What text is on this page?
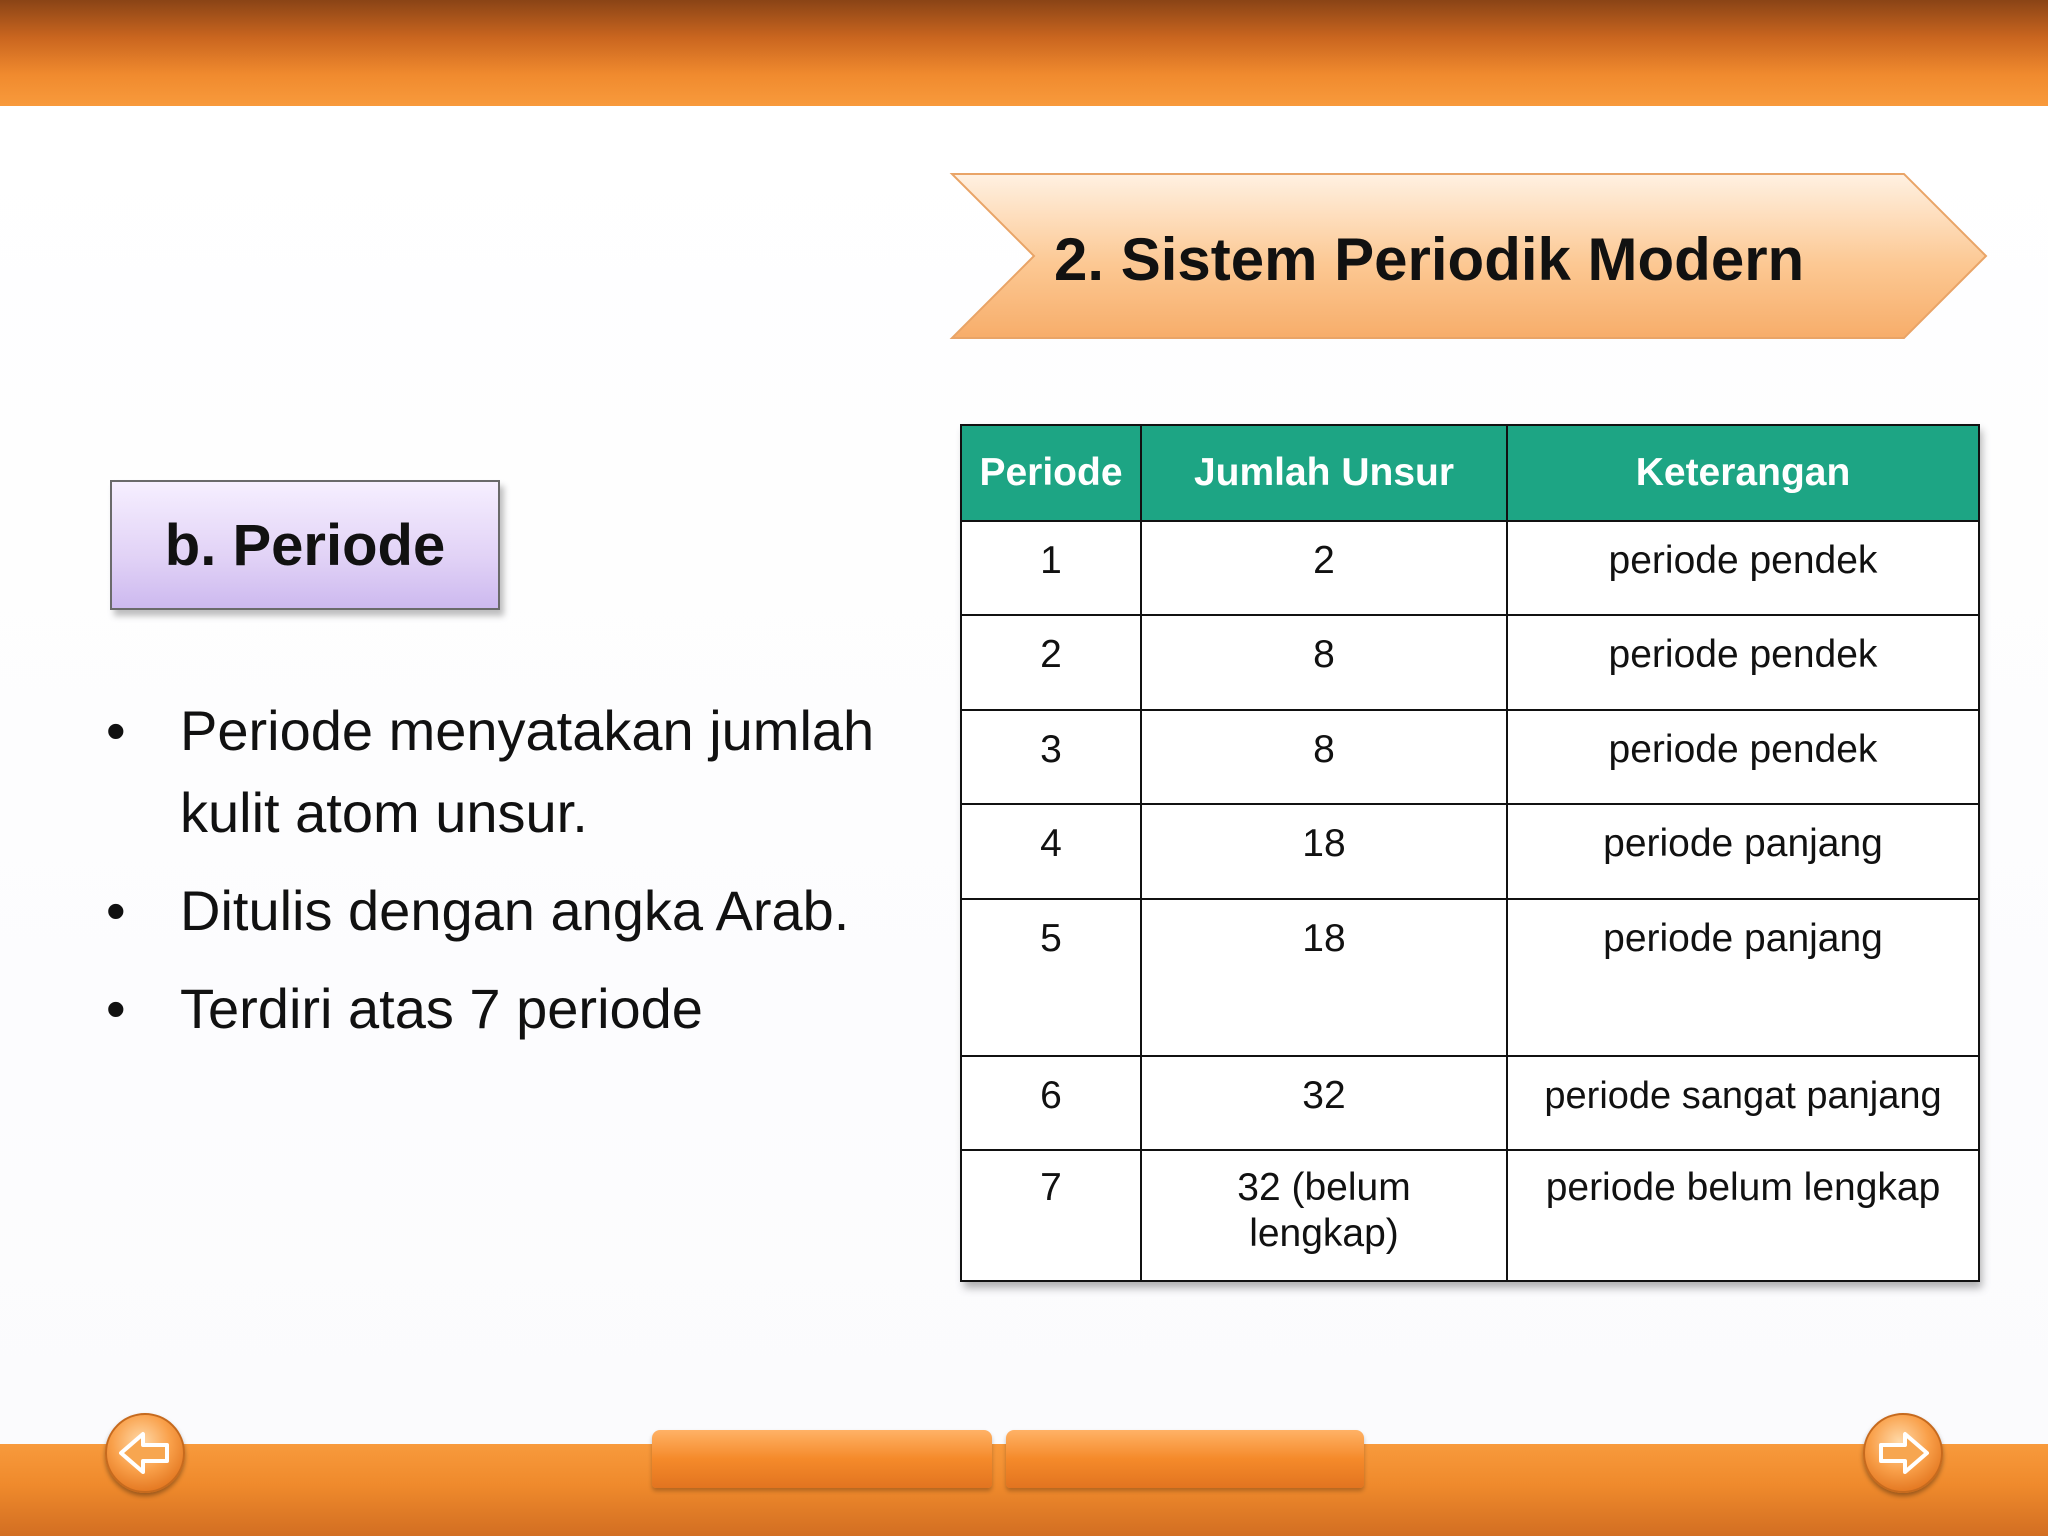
2. Sistem Periodik Modern
b. Periode
• Periode menyatakan jumlah kulit atom unsur.
• Ditulis dengan angka Arab.
• Terdiri atas 7 periode
Periode	Jumlah Unsur	Keterangan
1	2	periode pendek
2	8	periode pendek
3	8	periode pendek
4	18	periode panjang
5	18	periode panjang
6	32	periode sangat panjang
7	32 (belum lengkap)	periode belum lengkap
